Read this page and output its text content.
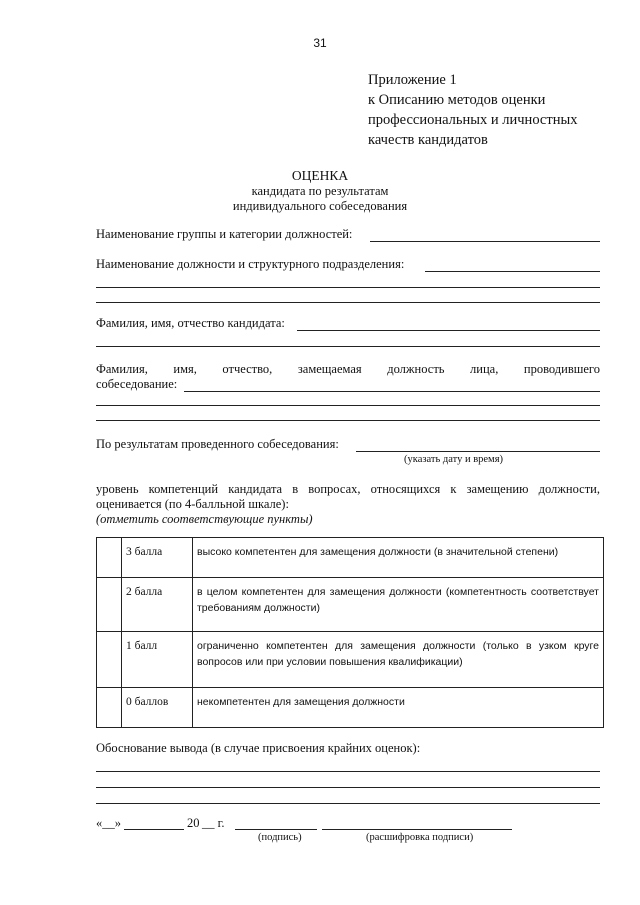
31
Приложение 1
к Описанию методов оценки
профессиональных и личностных
качеств кандидатов
ОЦЕНКА
кандидата по результатам
индивидуального собеседования
Наименование группы и категории должностей:
Наименование должности и структурного подразделения:
Фамилия, имя, отчество кандидата:
Фамилия, имя, отчество, замещаемая должность лица, проводившего
собеседование:
По результатам проведенного собеседования:
(указать дату и время)
уровень компетенций кандидата в вопросах, относящихся к замещению должности,
оценивается (по 4-балльной шкале):
(отметить соответствующие пункты)
	3 балла	высоко компетентен для замещения должности (в значительной степени)
	2 балла	в целом компетентен для замещения должности (компетентность соответствует требованиям должности)
	1 балл	ограниченно компетентен для замещения должности (только в узком круге вопросов или при условии повышения квалификации)
	0 баллов	некомпетентен для замещения должности
Обоснование вывода (в случае присвоения крайних оценок):
«__»	20 __ г.
(подпись)	(расшифровка подписи)
